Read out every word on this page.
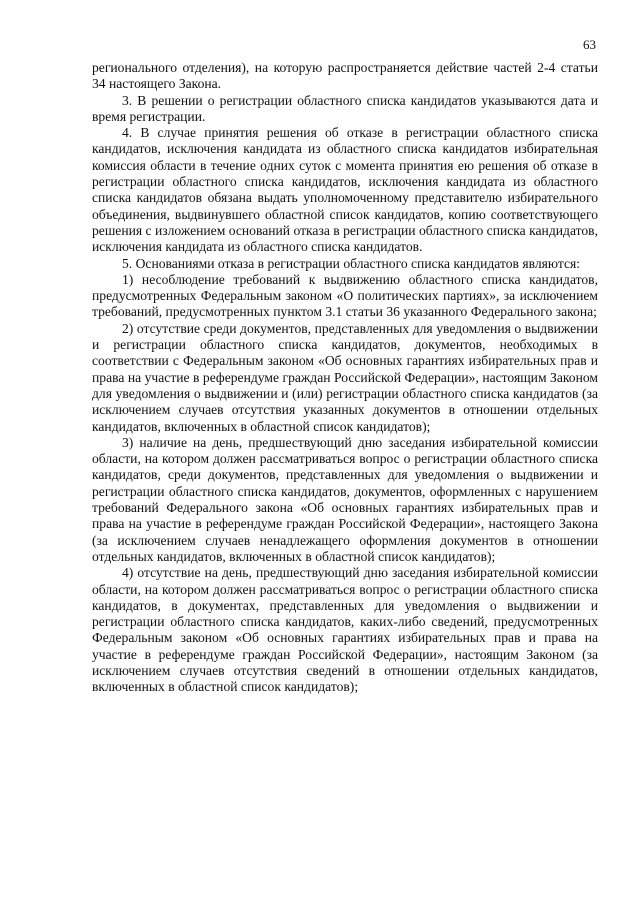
63

регионального отделения), на которую распространяется действие частей 2-4 статьи 34 настоящего Закона.

3. В решении о регистрации областного списка кандидатов указываются дата и время регистрации.

4. В случае принятия решения об отказе в регистрации областного списка кандидатов, исключения кандидата из областного списка кандидатов избирательная комиссия области в течение одних суток с момента принятия ею решения об отказе в регистрации областного списка кандидатов, исключения кандидата из областного списка кандидатов обязана выдать уполномоченному представителю избирательного объединения, выдвинувшего областной список кандидатов, копию соответствующего решения с изложением оснований отказа в регистрации областного списка кандидатов, исключения кандидата из областного списка кандидатов.

5. Основаниями отказа в регистрации областного списка кандидатов являются:

1) несоблюдение требований к выдвижению областного списка кандидатов, предусмотренных Федеральным законом «О политических партиях», за исключением требований, предусмотренных пунктом 3.1 статьи 36 указанного Федерального закона;

2) отсутствие среди документов, представленных для уведомления о выдвижении и регистрации областного списка кандидатов, документов, необходимых в соответствии с Федеральным законом «Об основных гарантиях избирательных прав и права на участие в референдуме граждан Российской Федерации», настоящим Законом для уведомления о выдвижении и (или) регистрации областного списка кандидатов (за исключением случаев отсутствия указанных документов в отношении отдельных кандидатов, включенных в областной список кандидатов);

3) наличие на день, предшествующий дню заседания избирательной комиссии области, на котором должен рассматриваться вопрос о регистрации областного списка кандидатов, среди документов, представленных для уведомления о выдвижении и регистрации областного списка кандидатов, документов, оформленных с нарушением требований Федерального закона «Об основных гарантиях избирательных прав и права на участие в референдуме граждан Российской Федерации», настоящего Закона (за исключением случаев ненадлежащего оформления документов в отношении отдельных кандидатов, включенных в областной список кандидатов);

4) отсутствие на день, предшествующий дню заседания избирательной комиссии области, на котором должен рассматриваться вопрос о регистрации областного списка кандидатов, в документах, представленных для уведомления о выдвижении и регистрации областного списка кандидатов, каких-либо сведений, предусмотренных Федеральным законом «Об основных гарантиях избирательных прав и права на участие в референдуме граждан Российской Федерации», настоящим Законом (за исключением случаев отсутствия сведений в отношении отдельных кандидатов, включенных в областной список кандидатов);
